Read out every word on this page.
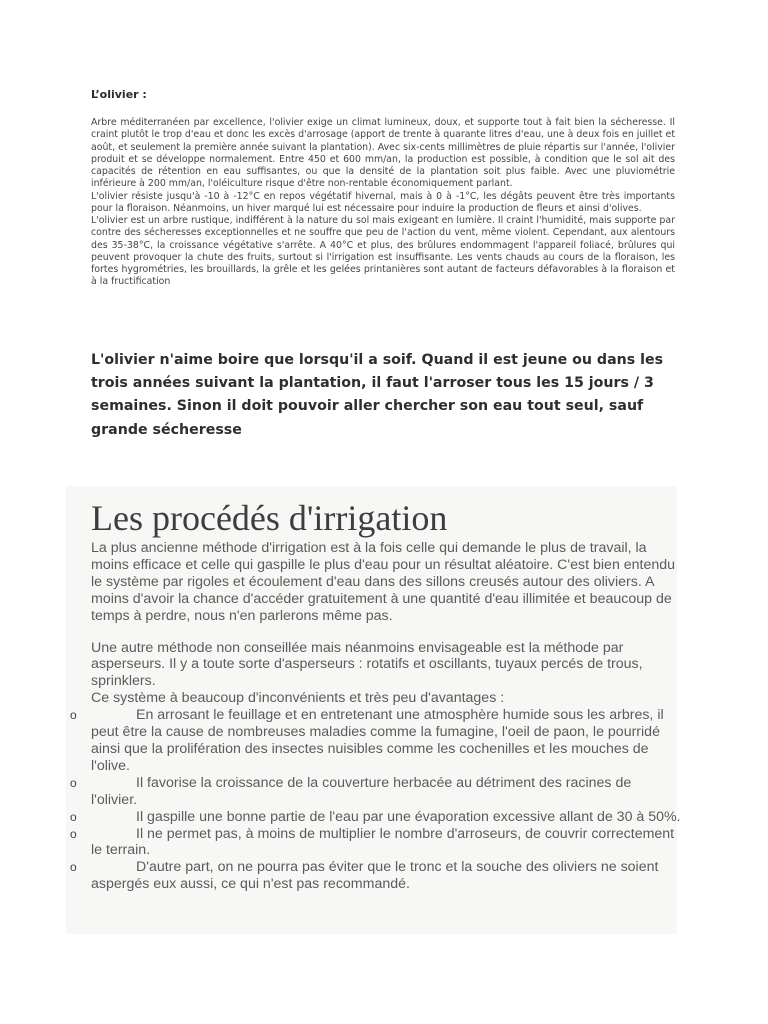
L’olivier :

Arbre méditerranéen par excellence, l'olivier exige un climat lumineux, doux, et supporte tout à fait bien la sécheresse. Il craint plutôt le trop d'eau et donc les excès d'arrosage (apport de trente à quarante litres d'eau, une à deux fois en juillet et août, et seulement la première année suivant la plantation). Avec six-cents millimètres de pluie répartis sur l'année, l'olivier produit et se développe normalement. Entre 450 et 600 mm/an, la production est possible, à condition que le sol ait des capacités de rétention en eau suffisantes, ou que la densité de la plantation soit plus faible. Avec une pluviométrie inférieure à 200 mm/an, l'oléiculture risque d'être non-rentable économiquement parlant.

L'olivier résiste jusqu'à -10 à -12°C en repos végétatif hivernal, mais à 0 à -1°C, les dégâts peuvent être très importants pour la floraison. Néanmoins, un hiver marqué lui est nécessaire pour induire la production de fleurs et ainsi d'olives.

L'olivier est un arbre rustique, indifférent à la nature du sol mais exigeant en lumière. Il craint l'humidité, mais supporte par contre des sécheresses exceptionnelles et ne souffre que peu de l'action du vent, même violent. Cependant, aux alentours des 35-38°C, la croissance végétative s'arrête. A 40°C et plus, des brûlures endommagent l'appareil foliacé, brûlures qui peuvent provoquer la chute des fruits, surtout si l'irrigation est insuffisante. Les vents chauds au cours de la floraison, les fortes hygrométries, les brouillards, la grêle et les gelées printanières sont autant de facteurs défavorables à la floraison et à la fructification

L'olivier n'aime boire que lorsqu'il a soif. Quand il est jeune ou dans les trois années suivant la plantation, il faut l'arroser tous les 15 jours / 3 semaines. Sinon il doit pouvoir aller chercher son eau tout seul, sauf grande sécheresse

Les procédés d'irrigation

La plus ancienne méthode d'irrigation est à la fois celle qui demande le plus de travail, la moins efficace et celle qui gaspille le plus d'eau pour un résultat aléatoire. C'est bien entendu le système par rigoles et écoulement d'eau dans des sillons creusés autour des oliviers. A moins d'avoir la chance d'accéder gratuitement à une quantité d'eau illimitée et beaucoup de temps à perdre, nous n'en parlerons même pas.

Une autre méthode non conseillée mais néanmoins envisageable est la méthode par asperseurs. Il y a toute sorte d'asperseurs : rotatifs et oscillants, tuyaux percés de trous, sprinklers.

Ce système à beaucoup d'inconvénients et très peu d'avantages :

o	En arrosant le feuillage et en entretenant une atmosphère humide sous les arbres, il peut être la cause de nombreuses maladies comme la fumagine, l'oeil de paon, le pourridé ainsi que la prolifération des insectes nuisibles comme les cochenilles et les mouches de l'olive.
o	Il favorise la croissance de la couverture herbacée au détriment des racines de l'olivier.
o	Il gaspille une bonne partie de l'eau par une évaporation excessive allant de 30 à 50%.
o	Il ne permet pas, à moins de multiplier le nombre d'arroseurs, de couvrir correctement le terrain.
o	D'autre part, on ne pourra pas éviter que le tronc et la souche des oliviers ne soient aspergés eux aussi, ce qui n'est pas recommandé.
